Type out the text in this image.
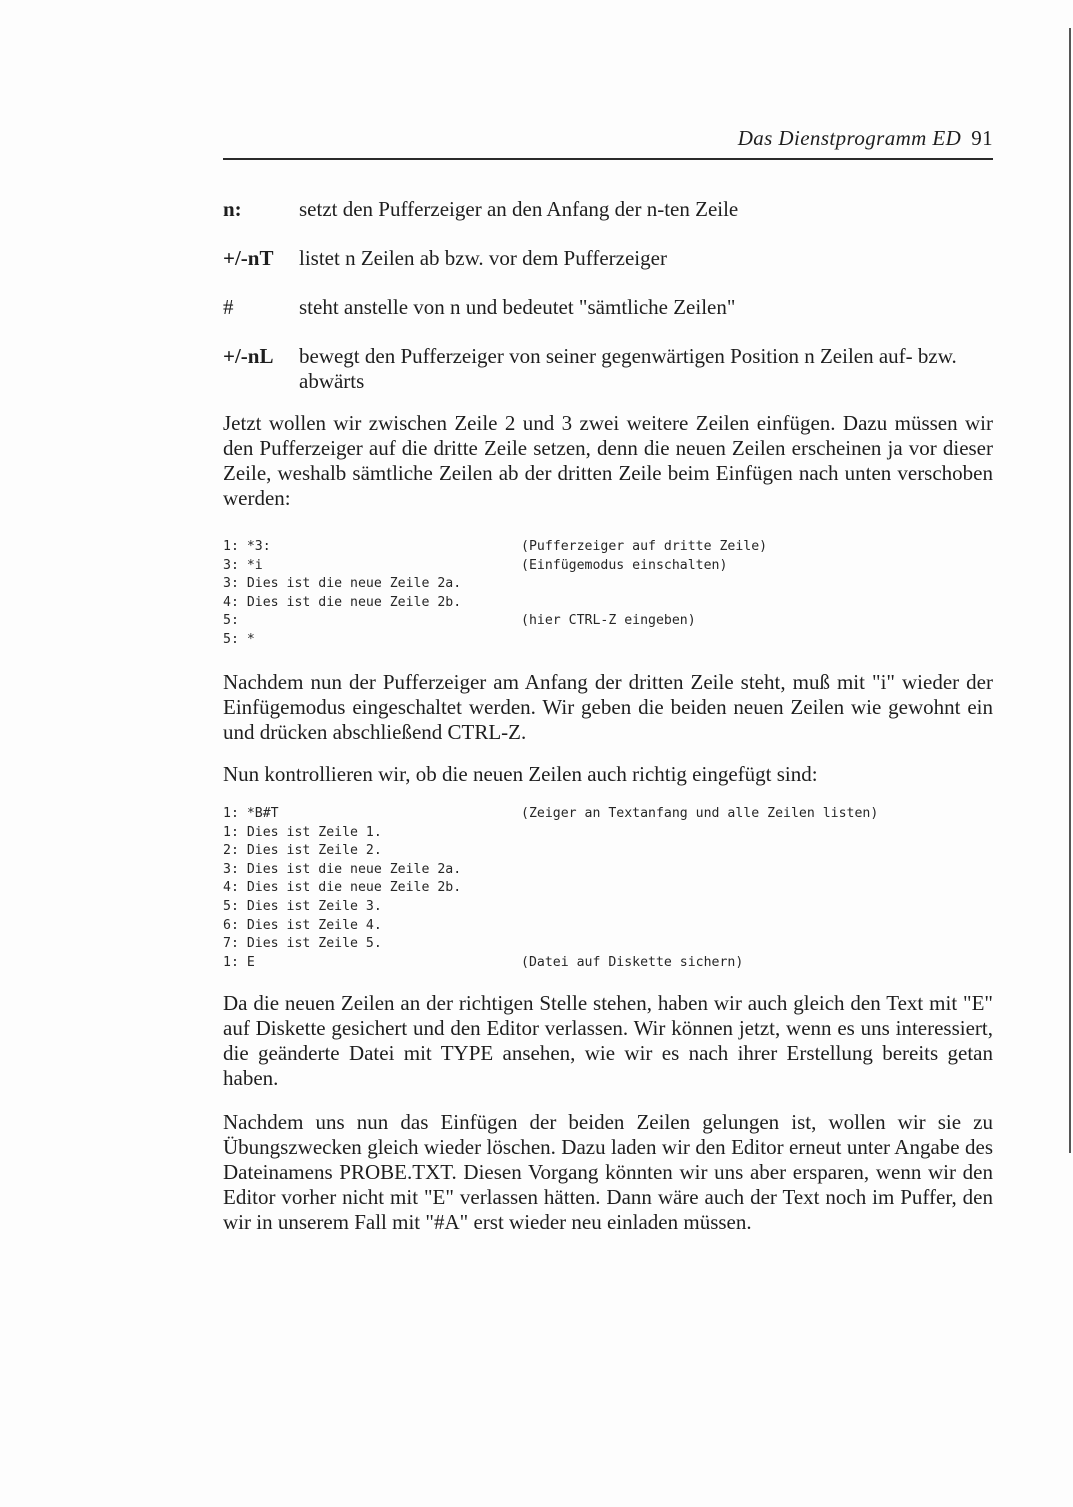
Das Dienstprogramm ED 91
n:	setzt den Pufferzeiger an den Anfang der n-ten Zeile
+/-nT	listet n Zeilen ab bzw. vor dem Pufferzeiger
#	steht anstelle von n und bedeutet "sämtliche Zeilen"
+/-nL	bewegt den Pufferzeiger von seiner gegenwärtigen Position n Zeilen auf- bzw. abwärts

Jetzt wollen wir zwischen Zeile 2 und 3 zwei weitere Zeilen einfügen. Dazu müssen wir den Pufferzeiger auf die dritte Zeile setzen, denn die neuen Zeilen erscheinen ja vor dieser Zeile, weshalb sämtliche Zeilen ab der dritten Zeile beim Einfügen nach unten verschoben werden:

1: *3:	(Pufferzeiger auf dritte Zeile)
3: *i	(Einfügemodus einschalten)
3: Dies ist die neue Zeile 2a.
4: Dies ist die neue Zeile 2b.
5:	(hier CTRL-Z eingeben)
5: *

Nachdem nun der Pufferzeiger am Anfang der dritten Zeile steht, muß mit "i" wieder der Einfügemodus eingeschaltet werden. Wir geben die beiden neuen Zeilen wie gewohnt ein und drücken abschließend CTRL-Z.

Nun kontrollieren wir, ob die neuen Zeilen auch richtig eingefügt sind:

1: *B#T	(Zeiger an Textanfang und alle Zeilen listen)
1: Dies ist Zeile 1.
2: Dies ist Zeile 2.
3: Dies ist die neue Zeile 2a.
4: Dies ist die neue Zeile 2b.
5: Dies ist Zeile 3.
6: Dies ist Zeile 4.
7: Dies ist Zeile 5.
1: E	(Datei auf Diskette sichern)

Da die neuen Zeilen an der richtigen Stelle stehen, haben wir auch gleich den Text mit "E" auf Diskette gesichert und den Editor verlassen. Wir können jetzt, wenn es uns interessiert, die geänderte Datei mit TYPE ansehen, wie wir es nach ihrer Erstellung bereits getan haben.

Nachdem uns nun das Einfügen der beiden Zeilen gelungen ist, wollen wir sie zu Übungszwecken gleich wieder löschen. Dazu laden wir den Editor erneut unter Angabe des Dateinamens PROBE.TXT. Diesen Vorgang könnten wir uns aber ersparen, wenn wir den Editor vorher nicht mit "E" verlassen hätten. Dann wäre auch der Text noch im Puffer, den wir in unserem Fall mit "#A" erst wieder neu einladen müssen.
